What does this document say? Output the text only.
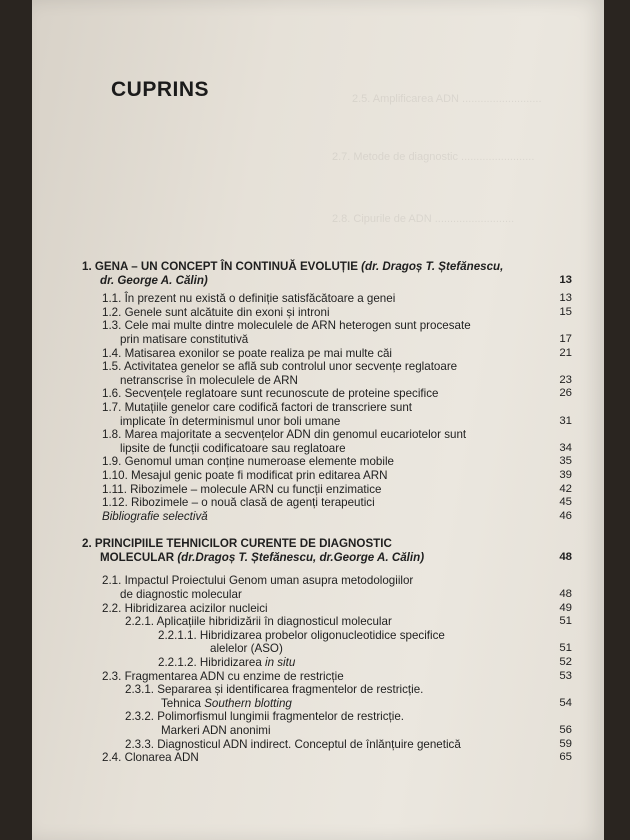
2.5. Amplificarea ADN ..........................
2.7. Metode de diagnostic ........................
2.8. Cipurile de ADN ..........................
CUPRINS
1. GENA – UN CONCEPT ÎN CONTINUĂ EVOLUȚIE (dr. Dragoș T. Ștefănescu,
dr. George A. Călin)	13
1.1. În prezent nu există o definiție satisfăcătoare a genei	13
1.2. Genele sunt alcătuite din exoni și introni	15
1.3. Cele mai multe dintre moleculele de ARN heterogen sunt procesate
prin matisare constitutivă	17
1.4. Matisarea exonilor se poate realiza pe mai multe căi	21
1.5. Activitatea genelor se află sub controlul unor secvențe reglatoare
netranscrise în moleculele de ARN	23
1.6. Secvențele reglatoare sunt recunoscute de proteine specifice	26
1.7. Mutațiile genelor care codifică factori de transcriere sunt
implicate în determinismul unor boli umane	31
1.8. Marea majoritate a secvențelor ADN din genomul eucariotelor sunt
lipsite de funcții codificatoare sau reglatoare	34
1.9. Genomul uman conține numeroase elemente mobile	35
1.10. Mesajul genic poate fi modificat prin editarea ARN	39
1.11. Ribozimele – molecule ARN cu funcții enzimatice	42
1.12. Ribozimele – o nouă clasă de agenți terapeutici	45
Bibliografie selectivă	46
2. PRINCIPIILE TEHNICILOR CURENTE DE DIAGNOSTIC
MOLECULAR (dr.Dragoș T. Ștefănescu, dr.George A. Călin)	48
2.1. Impactul Proiectului Genom uman asupra metodologiilor
de diagnostic molecular	48
2.2. Hibridizarea acizilor nucleici	49
2.2.1. Aplicațiile hibridizării în diagnosticul molecular	51
2.2.1.1. Hibridizarea probelor oligonucleotidice specifice
alelelor (ASO)	51
2.2.1.2. Hibridizarea in situ	52
2.3. Fragmentarea ADN cu enzime de restricție	53
2.3.1. Separarea și identificarea fragmentelor de restricție.
Tehnica Southern blotting	54
2.3.2. Polimorfismul lungimii fragmentelor de restricție.
Markeri ADN anonimi	56
2.3.3. Diagnosticul ADN indirect. Conceptul de înlănțuire genetică	59
2.4. Clonarea ADN	65
